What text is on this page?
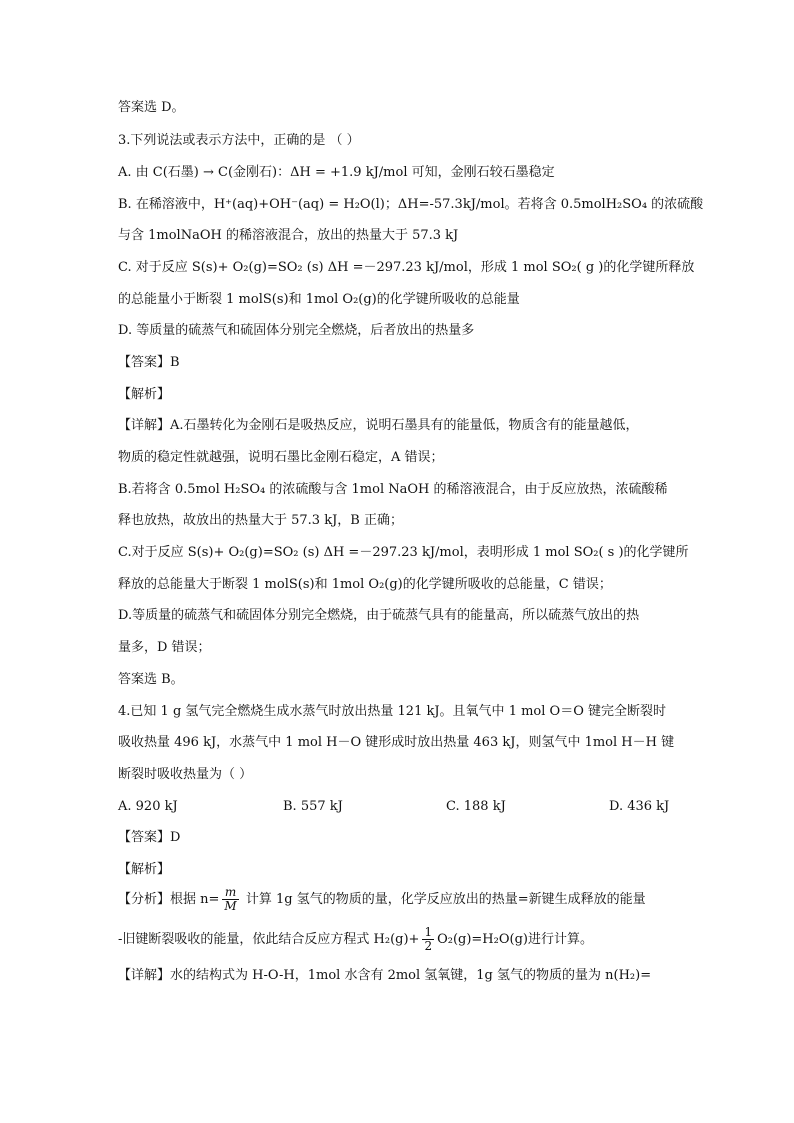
答案选 D。
3.下列说法或表示方法中，正确的是 （ ）
A. 由 C(石墨) → C(金刚石)：ΔH = +1.9 kJ/mol 可知，金刚石较石墨稳定
B. 在稀溶液中，H⁺(aq)+OH⁻(aq) = H₂O(l)；ΔH=-57.3kJ/mol。若将含 0.5molH₂SO₄ 的浓硫酸
与含 1molNaOH 的稀溶液混合，放出的热量大于 57.3 kJ
C. 对于反应 S(s)+ O₂(g)=SO₂ (s) ΔH =－297.23 kJ/mol，形成 1 mol SO₂( g )的化学键所释放
的总能量小于断裂 1 molS(s)和 1mol O₂(g)的化学键所吸收的总能量
D. 等质量的硫蒸气和硫固体分别完全燃烧，后者放出的热量多
【答案】B
【解析】
【详解】A.石墨转化为金刚石是吸热反应，说明石墨具有的能量低，物质含有的能量越低，
物质的稳定性就越强，说明石墨比金刚石稳定，A 错误；
B.若将含 0.5mol H₂SO₄ 的浓硫酸与含 1mol NaOH 的稀溶液混合，由于反应放热，浓硫酸稀
释也放热，故放出的热量大于 57.3 kJ，B 正确；
C.对于反应 S(s)+ O₂(g)=SO₂ (s) ΔH =－297.23 kJ/mol，表明形成 1 mol SO₂( s )的化学键所
释放的总能量大于断裂 1 molS(s)和 1mol O₂(g)的化学键所吸收的总能量，C 错误；
D.等质量的硫蒸气和硫固体分别完全燃烧，由于硫蒸气具有的能量高，所以硫蒸气放出的热
量多，D 错误；
答案选 B。
4.已知 1 g 氢气完全燃烧生成水蒸气时放出热量 121 kJ。且氧气中 1 mol O＝O 键完全断裂时
吸收热量 496 kJ，水蒸气中 1 mol H－O 键形成时放出热量 463 kJ，则氢气中 1mol H－H 键
断裂时吸收热量为（ ）
A. 920 kJ	B. 557 kJ	C. 188 kJ	D. 436 kJ
【答案】D
【解析】
【分析】根据 $n= \frac{m}{M}$ 计算 1g 氢气的物质的量，化学反应放出的热量=新键生成释放的能量
-旧键断裂吸收的能量，依此结合反应方程式 $H_2(g)+ \frac{1}{2} O_2(g)=H_2O(g)$进行计算。
【详解】水的结构式为 H-O-H，1mol 水含有 2mol 氢氧键，1g 氢气的物质的量为 n(H₂)=
